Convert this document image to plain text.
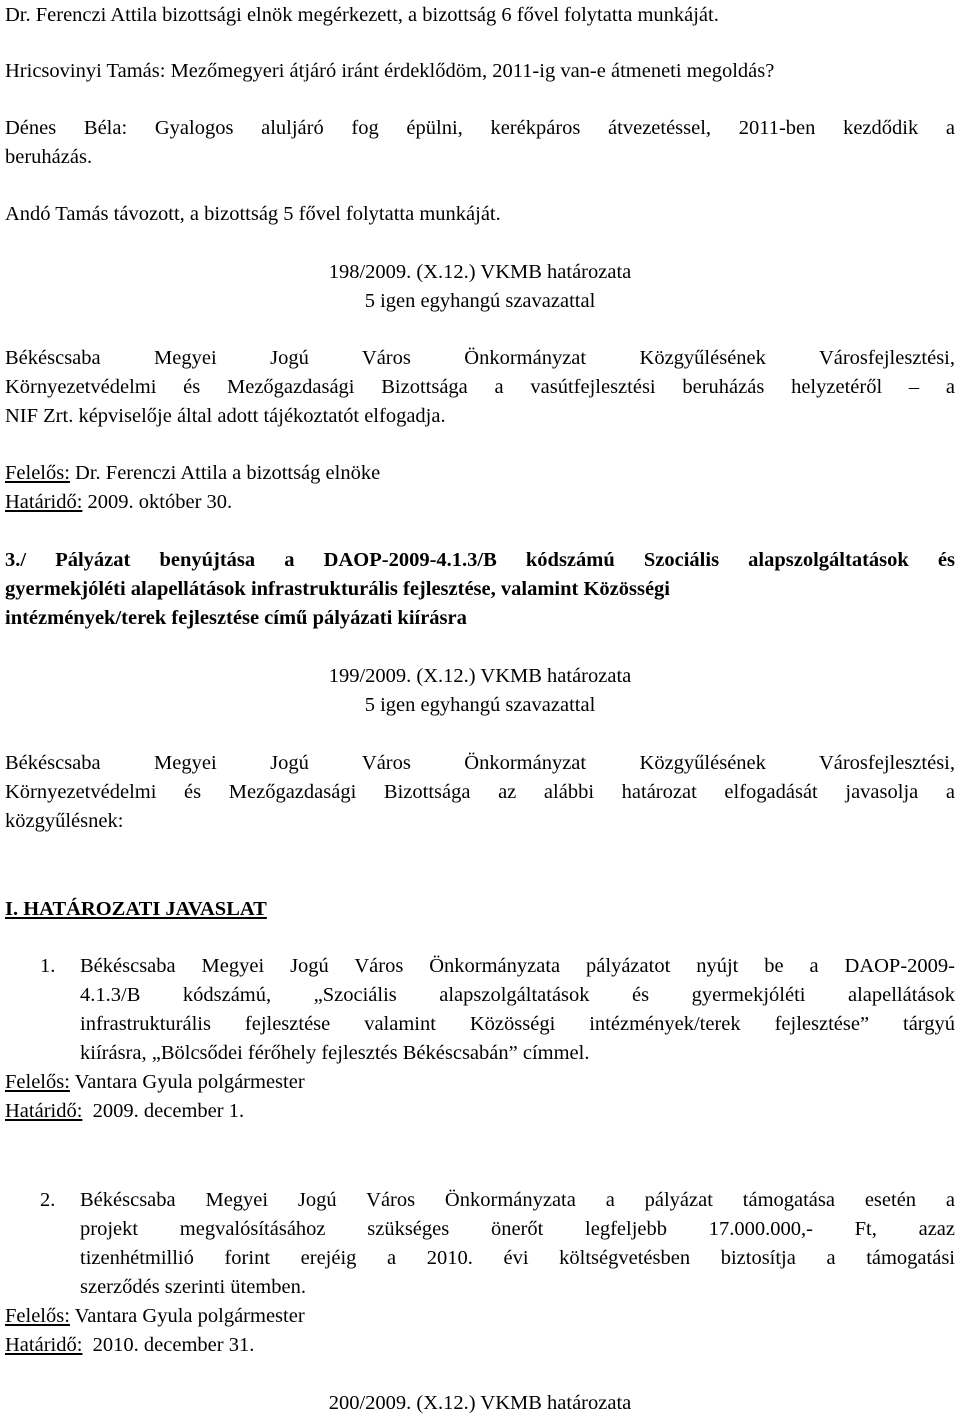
Dr. Ferenczi Attila bizottsági elnök megérkezett, a bizottság 6 fővel folytatta munkáját.
Hricsovinyi Tamás: Mezőmegyeri átjáró iránt érdeklődöm, 2011-ig van-e átmeneti megoldás?
Dénes Béla: Gyalogos aluljáró fog épülni, kerékpáros átvezetéssel, 2011-ben kezdődik a
beruházás.
Andó Tamás távozott, a bizottság 5 fővel folytatta munkáját.
198/2009. (X.12.) VKMB határozata
5 igen egyhangú szavazattal
Békéscsaba Megyei Jogú Város Önkormányzat Közgyűlésének Városfejlesztési,
Környezetvédelmi és Mezőgazdasági Bizottsága a vasútfejlesztési beruházás helyzetéről – a
NIF Zrt. képviselője által adott tájékoztatót elfogadja.
Felelős: Dr. Ferenczi Attila a bizottság elnöke
Határidő: 2009. október 30.
3./ Pályázat benyújtása a DAOP-2009-4.1.3/B kódszámú Szociális alapszolgáltatások és
gyermekjóléti alapellátások infrastrukturális fejlesztése, valamint Közösségi
intézmények/terek fejlesztése című pályázati kiírásra
199/2009. (X.12.) VKMB határozata
5 igen egyhangú szavazattal
Békéscsaba Megyei Jogú Város Önkormányzat Közgyűlésének Városfejlesztési,
Környezetvédelmi és Mezőgazdasági Bizottsága az alábbi határozat elfogadását javasolja a
közgyűlésnek:
I. HATÁROZATI JAVASLAT
1.	Békéscsaba Megyei Jogú Város Önkormányzata pályázatot nyújt be a DAOP-2009-
4.1.3/B kódszámú, „Szociális alapszolgáltatások és gyermekjóléti alapellátások
infrastrukturális fejlesztése valamint Közösségi intézmények/terek fejlesztése” tárgyú
kiírásra, „Bölcsődei férőhely fejlesztés Békéscsabán” címmel.
Felelős: Vantara Gyula polgármester
Határidő:  2009. december 1.
2.	Békéscsaba Megyei Jogú Város Önkormányzata a pályázat támogatása esetén a
projekt megvalósításához szükséges önerőt legfeljebb 17.000.000,- Ft, azaz
tizenhétmillió forint erejéig a 2010. évi költségvetésben biztosítja a támogatási
szerződés szerinti ütemben.
Felelős: Vantara Gyula polgármester
Határidő:  2010. december 31.
200/2009. (X.12.) VKMB határozata
